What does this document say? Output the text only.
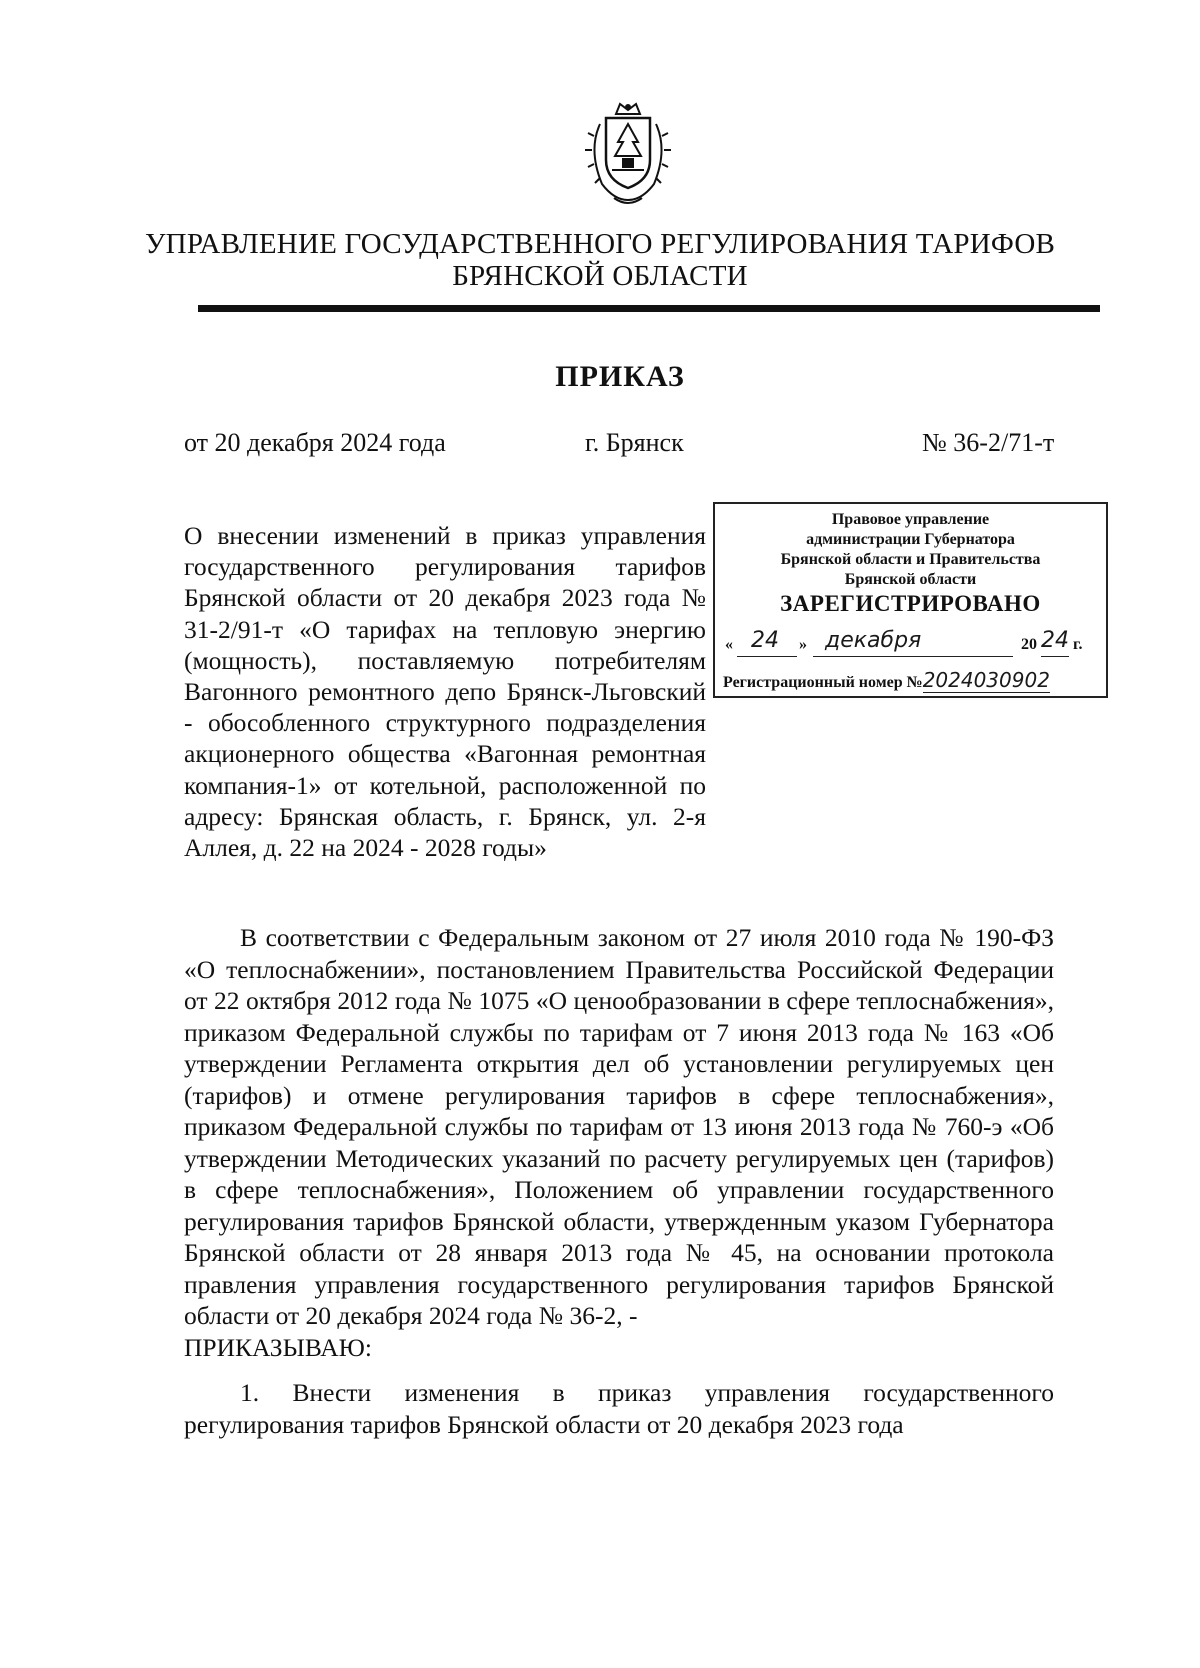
УПРАВЛЕНИЕ ГОСУДАРСТВЕННОГО РЕГУЛИРОВАНИЯ ТАРИФОВ
БРЯНСКОЙ ОБЛАСТИ
ПРИКАЗ
от 20 декабря 2024 года	г. Брянск	№ 36-2/71-т
О внесении изменений в приказ управления государственного регулирования тарифов Брянской области от 20 декабря 2023 года № 31-2/91-т «О тарифах на тепловую энергию (мощность), поставляемую потребителям Вагонного ремонтного депо Брянск-Льговский - обособленного структурного подразделения акционерного общества «Вагонная ремонтная компания-1» от котельной, расположенной по адресу: Брянская область, г. Брянск, ул. 2-я Аллея, д. 22 на 2024 - 2028 годы»
Правовое управление
администрации Губернатора
Брянской области и Правительства
Брянской области
ЗАРЕГИСТРИРОВАНО
« 24 » декабря	20 24 г.
Регистрационный номер №2024030902
В соответствии с Федеральным законом от 27 июля 2010 года № 190-ФЗ «О теплоснабжении», постановлением Правительства Российской Федерации от 22 октября 2012 года № 1075 «О ценообразовании в сфере теплоснабжения», приказом Федеральной службы по тарифам от 7 июня 2013 года № 163 «Об утверждении Регламента открытия дел об установлении регулируемых цен (тарифов) и отмене регулирования тарифов в сфере теплоснабжения», приказом Федеральной службы по тарифам от 13 июня 2013 года № 760-э «Об утверждении Методических указаний по расчету регулируемых цен (тарифов) в сфере теплоснабжения», Положением об управлении государственного регулирования тарифов Брянской области, утвержденным указом Губернатора Брянской области от 28 января 2013 года № 45, на основании протокола правления управления государственного регулирования тарифов Брянской области от 20 декабря 2024 года № 36-2, -
ПРИКАЗЫВАЮ:
1. Внести изменения в приказ управления государственного регулирования тарифов Брянской области от 20 декабря 2023 года
